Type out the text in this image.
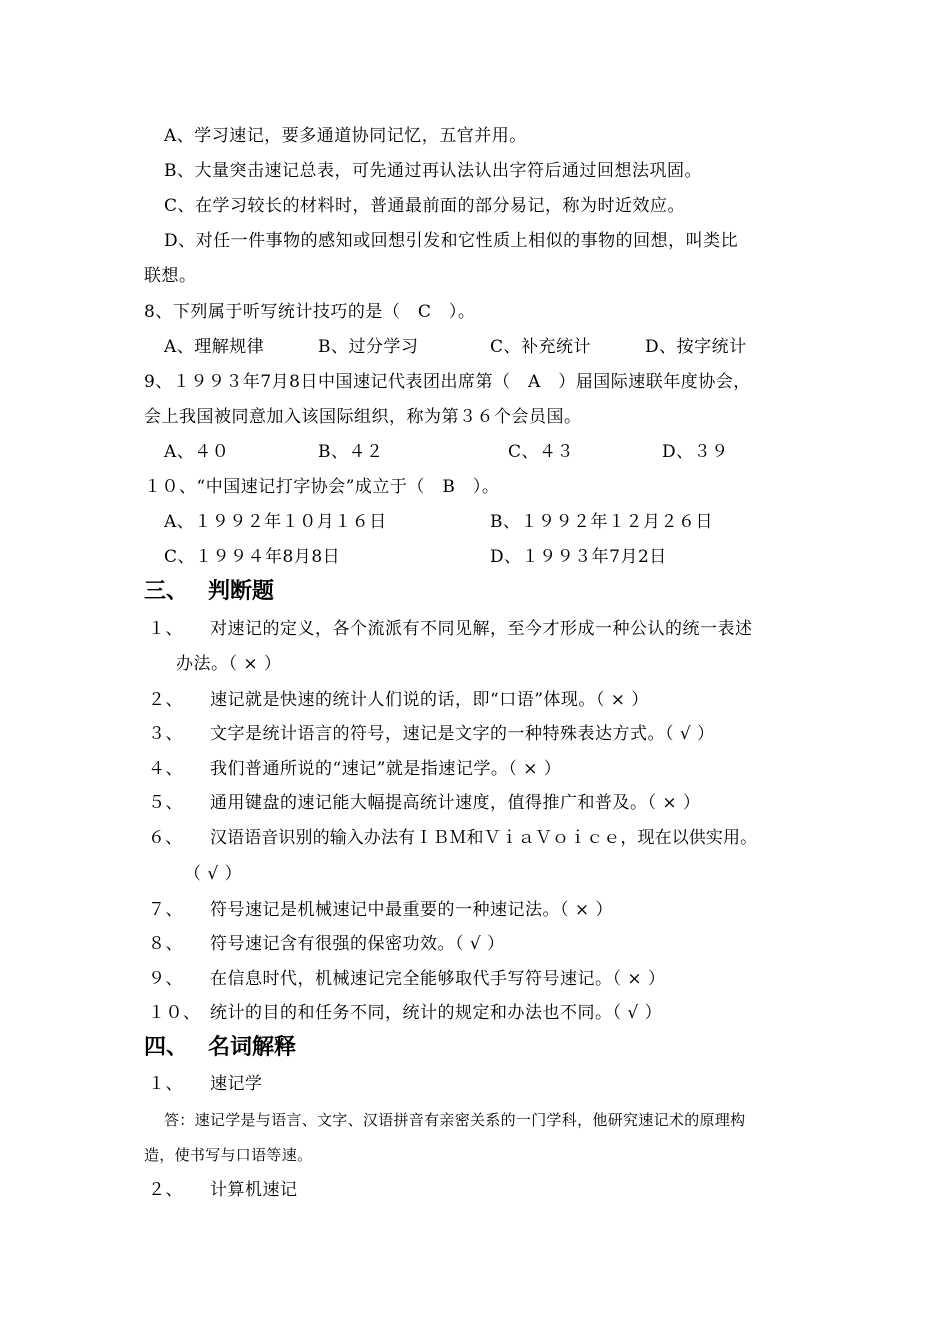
A、学习速记，要多通道协同记忆，五官并用。
B、大量突击速记总表，可先通过再认法认出字符后通过回想法巩固。
C、在学习较长的材料时，普通最前面的部分易记，称为时近效应。
D、对任一件事物的感知或回想引发和它性质上相似的事物的回想，叫类比
联想。
8、下列属于听写统计技巧的是（　C　）。
A、理解规律	B、过分学习	C、补充统计	D、按字统计
9、１９９３年7月8日中国速记代表团出席第（　A　）届国际速联年度协会，
会上我国被同意加入该国际组织，称为第３６个会员国。
A、４０	B、４２	C、４３	D、３９
１０、“中国速记打字协会”成立于（　B　）。
A、１９９２年１０月１６日	B、１９９２年１２月２６日
C、１９９４年8月8日	D、１９９３年7月2日
三、 判断题
１、 对速记的定义，各个流派有不同见解，至今才形成一种公认的统一表述
办法。（ × ）
２、 速记就是快速的统计人们说的话，即“口语”体现。（ × ）
３、 文字是统计语言的符号，速记是文字的一种特殊表达方式。（ √ ）
４、 我们普通所说的“速记”就是指速记学。（ × ）
５、 通用键盘的速记能大幅提高统计速度，值得推广和普及。（ × ）
６、 汉语语音识别的输入办法有ＩＢＭ和ＶｉａＶｏｉｃｅ，现在以供实用。
（ √ ）
７、 符号速记是机械速记中最重要的一种速记法。（ × ）
８、 符号速记含有很强的保密功效。（ √ ）
９、 在信息时代，机械速记完全能够取代手写符号速记。（ × ）
１０、 统计的目的和任务不同，统计的规定和办法也不同。（ √ ）
四、 名词解释
１、 速记学
答：速记学是与语言、文字、汉语拼音有亲密关系的一门学科，他研究速记术的原理构
造，使书写与口语等速。
２、 计算机速记
